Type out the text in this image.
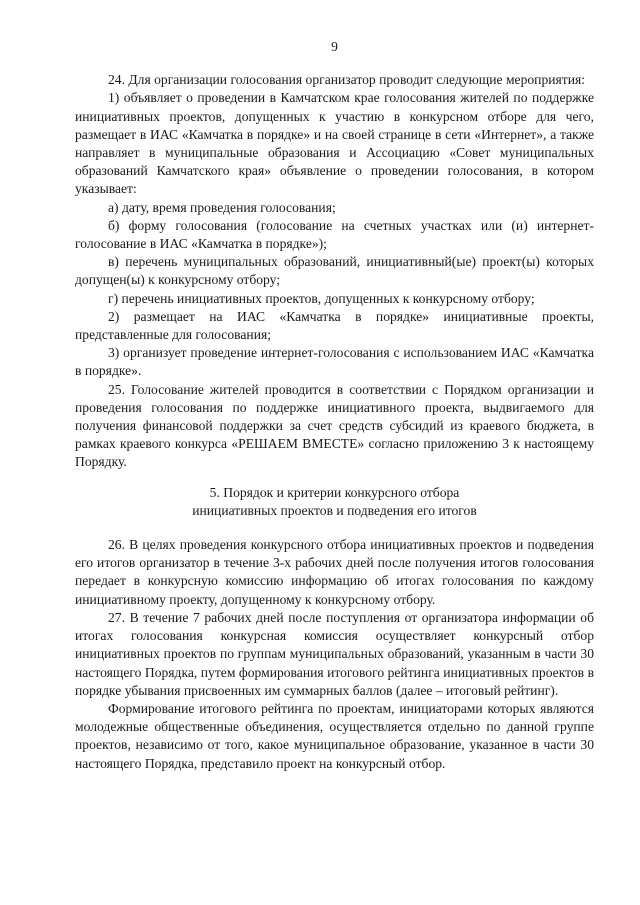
9

24. Для организации голосования организатор проводит следующие мероприятия:

1) объявляет о проведении в Камчатском крае голосования жителей по поддержке инициативных проектов, допущенных к участию в конкурсном отборе для чего, размещает в ИАС «Камчатка в порядке» и на своей странице в сети «Интернет», а также направляет в муниципальные образования и Ассоциацию «Совет муниципальных образований Камчатского края» объявление о проведении голосования, в котором указывает:

а) дату, время проведения голосования;

б) форму голосования (голосование на счетных участках или (и) интернет-голосование в ИАС «Камчатка в порядке»);

в) перечень муниципальных образований, инициативный(ые) проект(ы) которых допущен(ы) к конкурсному отбору;

г) перечень инициативных проектов, допущенных к конкурсному отбору;

2) размещает на ИАС «Камчатка в порядке» инициативные проекты, представленные для голосования;

3) организует проведение интернет-голосования с использованием ИАС «Камчатка в порядке».

25. Голосование жителей проводится в соответствии с Порядком организации и проведения голосования по поддержке инициативного проекта, выдвигаемого для получения финансовой поддержки за счет средств субсидий из краевого бюджета, в рамках краевого конкурса «РЕШАЕМ ВМЕСТЕ» согласно приложению 3 к настоящему Порядку.

5. Порядок и критерии конкурсного отбора

инициативных проектов и подведения его итогов

26. В целях проведения конкурсного отбора инициативных проектов и подведения его итогов организатор в течение 3-х рабочих дней после получения итогов голосования передает в конкурсную комиссию информацию об итогах голосования по каждому инициативному проекту, допущенному к конкурсному отбору.

27. В течение 7 рабочих дней после поступления от организатора информации об итогах голосования конкурсная комиссия осуществляет конкурсный отбор инициативных проектов по группам муниципальных образований, указанным в части 30 настоящего Порядка, путем формирования итогового рейтинга инициативных проектов в порядке убывания присвоенных им суммарных баллов (далее – итоговый рейтинг).

Формирование итогового рейтинга по проектам, инициаторами которых являются молодежные общественные объединения, осуществляется отдельно по данной группе проектов, независимо от того, какое муниципальное образование, указанное в части 30 настоящего Порядка, представило проект на конкурсный отбор.
